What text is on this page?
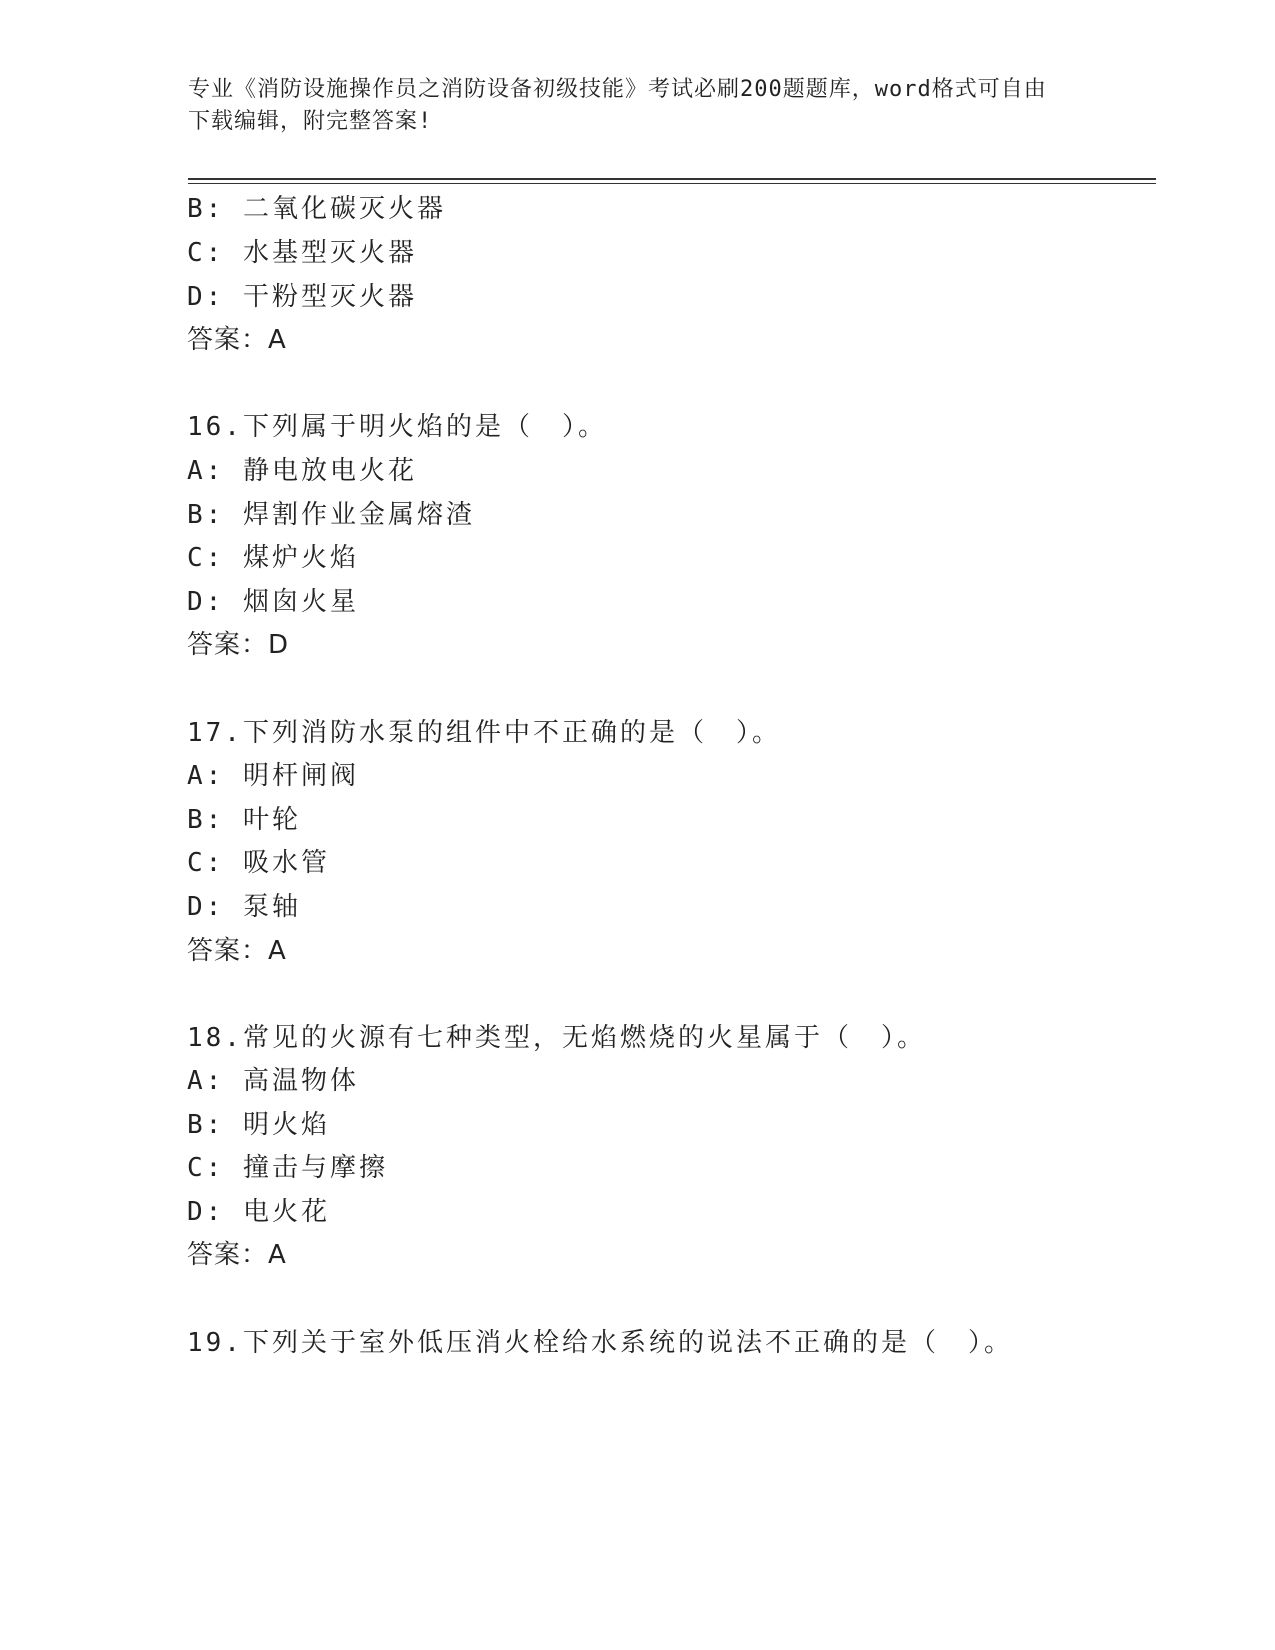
专业《消防设施操作员之消防设备初级技能》考试必刷200题题库，word格式可自由下载编辑，附完整答案!
B: 二氧化碳灭火器
C: 水基型灭火器
D: 干粉型灭火器
答案：A
16.下列属于明火焰的是（　）。
A: 静电放电火花
B: 焊割作业金属熔渣
C: 煤炉火焰
D: 烟囱火星
答案：D
17.下列消防水泵的组件中不正确的是（　）。
A: 明杆闸阀
B: 叶轮
C: 吸水管
D: 泵轴
答案：A
18.常见的火源有七种类型，无焰燃烧的火星属于（　）。
A: 高温物体
B: 明火焰
C: 撞击与摩擦
D: 电火花
答案：A
19.下列关于室外低压消火栓给水系统的说法不正确的是（　）。
